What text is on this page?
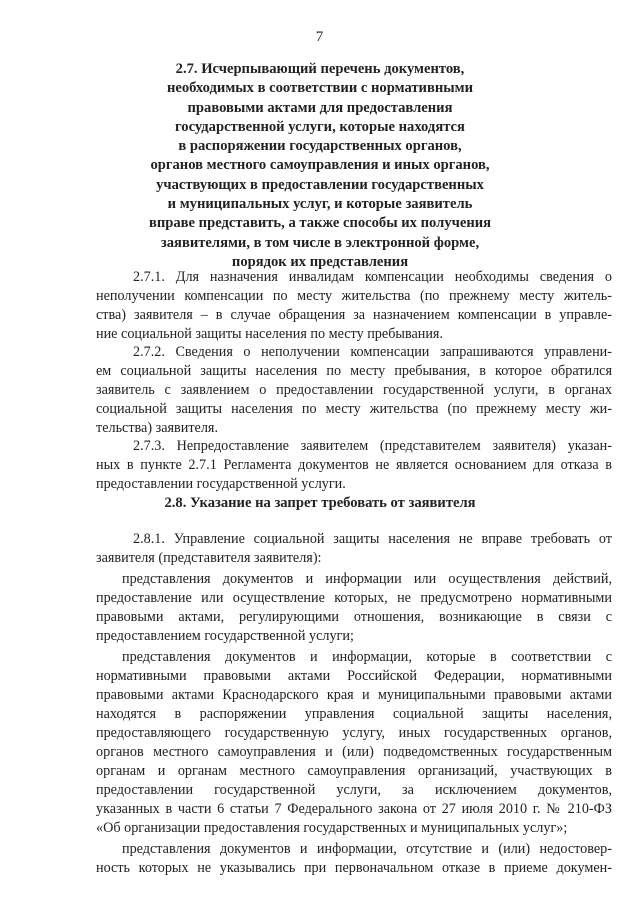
7
2.7. Исчерпывающий перечень документов,
необходимых в соответствии с нормативными
правовыми актами для предоставления
государственной услуги, которые находятся
в распоряжении государственных органов,
органов местного самоуправления и иных органов,
участвующих в предоставлении государственных
и муниципальных услуг, и которые заявитель
вправе представить, а также способы их получения
заявителями, в том числе в электронной форме,
порядок их представления
2.7.1. Для назначения инвалидам компенсации необходимы сведения о
неполучении компенсации по месту жительства (по прежнему месту житель-
ства) заявителя – в случае обращения за назначением компенсации в управле-
ние социальной защиты населения по месту пребывания.
2.7.2. Сведения о неполучении компенсации запрашиваются управлени-
ем социальной защиты населения по месту пребывания, в которое обратился
заявитель с заявлением о предоставлении государственной услуги, в органах
социальной защиты населения по месту жительства (по прежнему месту жи-
тельства) заявителя.
2.7.3. Непредоставление заявителем (представителем заявителя) указан-
ных в пункте 2.7.1 Регламента документов не является основанием для отказа в
предоставлении государственной услуги.
2.8. Указание на запрет требовать от заявителя
2.8.1. Управление социальной защиты населения не вправе требовать от
заявителя (представителя заявителя):
представления документов и информации или осуществления действий,
предоставление или осуществление которых, не предусмотрено нормативными
правовыми актами, регулирующими отношения, возникающие в связи с
предоставлением государственной услуги;
представления документов и информации, которые в соответствии с
нормативными правовыми актами Российской Федерации, нормативными
правовыми актами Краснодарского края и муниципальными правовыми актами
находятся в распоряжении управления социальной защиты населения,
предоставляющего государственную услугу, иных государственных органов,
органов местного самоуправления и (или) подведомственных государственным
органам и органам местного самоуправления организаций, участвующих в
предоставлении государственной услуги, за исключением документов,
указанных в части 6 статьи 7 Федерального закона от 27 июля 2010 г. № 210-ФЗ
«Об организации предоставления государственных и муниципальных услуг»;
представления документов и информации, отсутствие и (или) недостовер-
ность которых не указывались при первоначальном отказе в приеме докумен-
